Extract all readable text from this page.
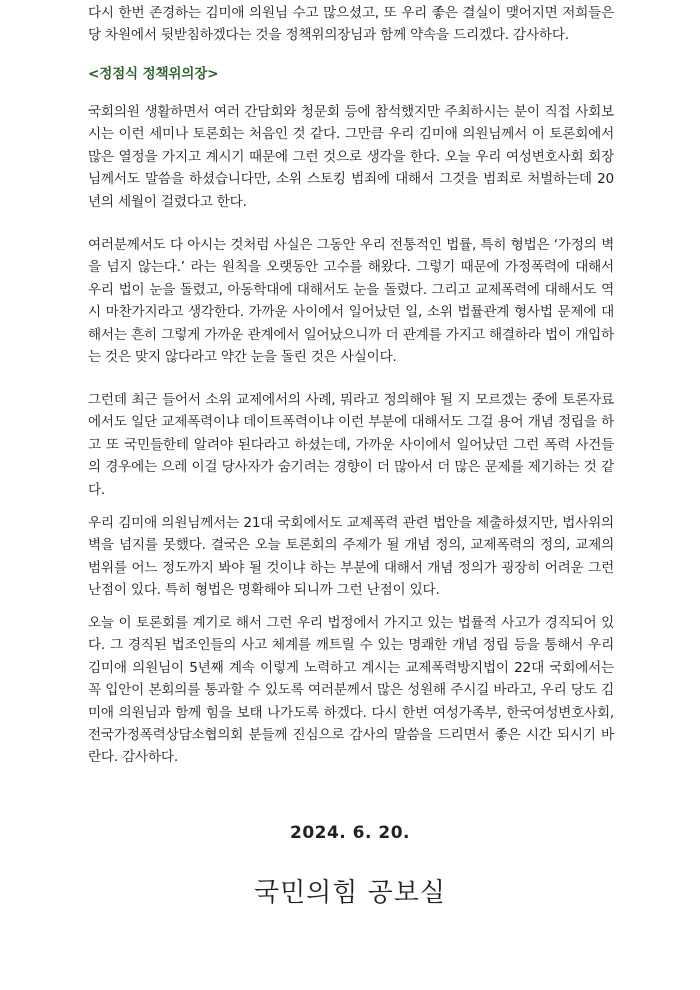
다시 한번 존경하는 김미애 의원님 수고 많으셨고, 또 우리 좋은 결실이 맺어지면 저희들은 당 차원에서 뒷받침하겠다는 것을 정책위의장님과 함께 약속을 드리겠다. 감사하다.

<정점식 정책위의장>

국회의원 생활하면서 여러 간담회와 청문회 등에 참석했지만 주최하시는 분이 직접 사회보시는 이런 세미나 토론회는 처음인 것 같다. 그만큼 우리 김미애 의원님께서 이 토론회에서 많은 열정을 가지고 계시기 때문에 그런 것으로 생각을 한다. 오늘 우리 여성변호사회 회장님께서도 말씀을 하셨습니다만, 소위 스토킹 범죄에 대해서 그것을 범죄로 처벌하는데 20년의 세월이 걸렸다고 한다.

여러분께서도 다 아시는 것처럼 사실은 그동안 우리 전통적인 법률, 특히 형법은 ‘가정의 벽을 넘지 않는다.’ 라는 원칙을 오랫동안 고수를 해왔다. 그렇기 때문에 가정폭력에 대해서 우리 법이 눈을 돌렸고, 아동학대에 대해서도 눈을 돌렸다. 그리고 교제폭력에 대해서도 역시 마찬가지라고 생각한다. 가까운 사이에서 일어났던 일, 소위 법률관계 형사법 문제에 대해서는 흔히 그렇게 가까운 관계에서 일어났으니까 더 관계를 가지고 해결하라 법이 개입하는 것은 맞지 않다라고 약간 눈을 돌린 것은 사실이다.

그런데 최근 들어서 소위 교제에서의 사례, 뭐라고 정의해야 될 지 모르겠는 중에 토론자료에서도 일단 교제폭력이냐 데이트폭력이냐 이런 부분에 대해서도 그걸 용어 개념 정립을 하고 또 국민들한테 알려야 된다라고 하셨는데, 가까운 사이에서 일어났던 그런 폭력 사건들의 경우에는 으레 이걸 당사자가 숨기려는 경향이 더 많아서 더 많은 문제를 제기하는 것 같다.

우리 김미애 의원님께서는 21대 국회에서도 교제폭력 관련 법안을 제출하셨지만, 법사위의 벽을 넘지를 못했다. 결국은 오늘 토론회의 주제가 될 개념 정의, 교제폭력의 정의, 교제의 범위를 어느 정도까지 봐야 될 것이냐 하는 부분에 대해서 개념 정의가 굉장히 어려운 그런 난점이 있다. 특히 형법은 명확해야 되니까 그런 난점이 있다.

오늘 이 토론회를 계기로 해서 그런 우리 법정에서 가지고 있는 법률적 사고가 경직되어 있다. 그 경직된 법조인들의 사고 체계를 깨트릴 수 있는 명쾌한 개념 정립 등을 통해서 우리 김미애 의원님이 5년째 계속 이렇게 노력하고 계시는 교제폭력방지법이 22대 국회에서는 꼭 입안이 본회의를 통과할 수 있도록 여러분께서 많은 성원해 주시길 바라고, 우리 당도 김미애 의원님과 함께 힘을 보태 나가도록 하겠다. 다시 한번 여성가족부, 한국여성변호사회, 전국가정폭력상담소협의회 분들께 진심으로 감사의 말씀을 드리면서 좋은 시간 되시기 바란다. 감사하다.

2024. 6. 20.
국민의힘 공보실
